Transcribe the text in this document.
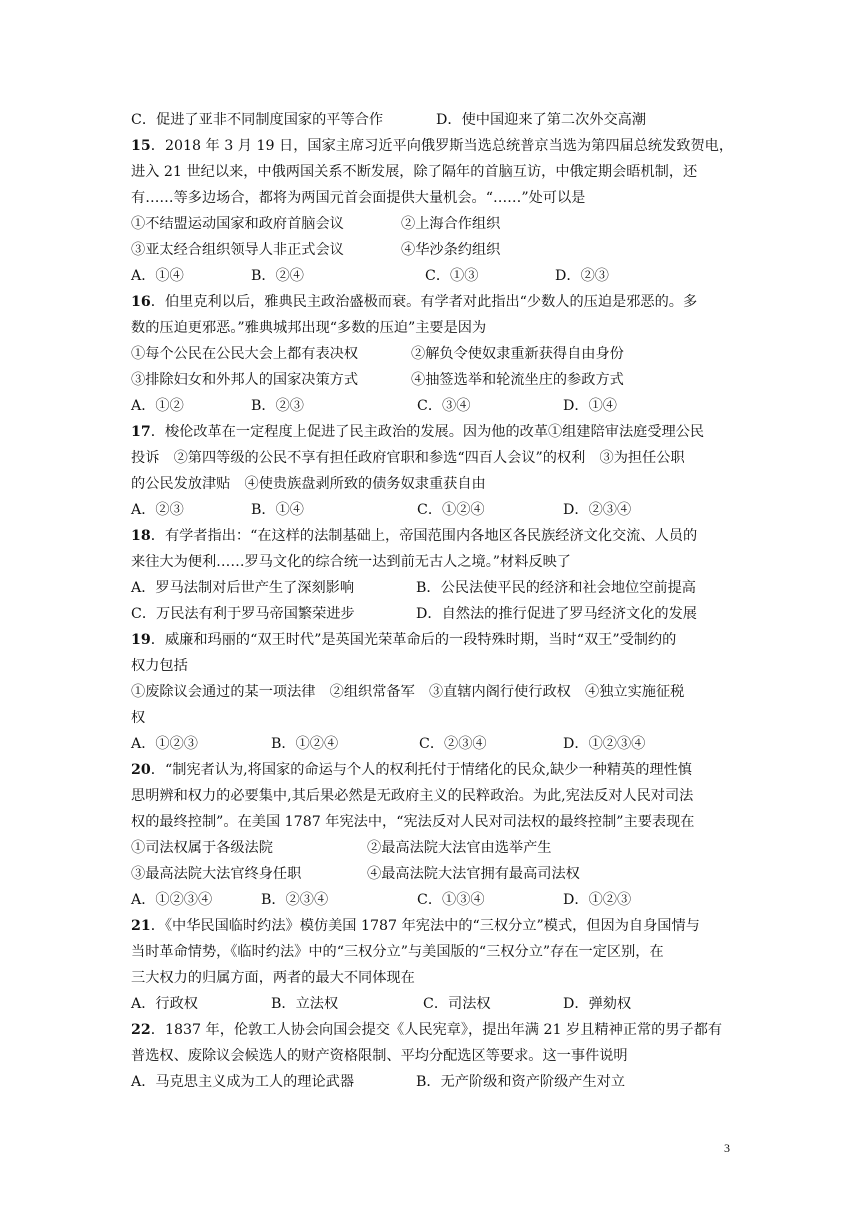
C．促进了亚非不同制度国家的平等合作	D．使中国迎来了第二次外交高潮
15．2018 年 3 月 19 日，国家主席习近平向俄罗斯当选总统普京当选为第四届总统发致贺电，
进入 21 世纪以来，中俄两国关系不断发展，除了隔年的首脑互访，中俄定期会晤机制，还
有……等多边场合，都将为两国元首会面提供大量机会。“……”处可以是
①不结盟运动国家和政府首脑会议	②上海合作组织
③亚太经合组织领导人非正式会议	④华沙条约组织
A．①④	B．②④	C．①③	D．②③
16．伯里克利以后，雅典民主政治盛极而衰。有学者对此指出“少数人的压迫是邪恶的。多
数的压迫更邪恶。”雅典城邦出现“多数的压迫”主要是因为
①每个公民在公民大会上都有表决权	②解负令使奴隶重新获得自由身份
③排除妇女和外邦人的国家决策方式	④抽签选举和轮流坐庄的参政方式
A．①②	B．②③	C．③④	D．①④
17．梭伦改革在一定程度上促进了民主政治的发展。因为他的改革①组建陪审法庭受理公民
投诉　②第四等级的公民不享有担任政府官职和参选“四百人会议”的权利　③为担任公职
的公民发放津贴　④使贵族盘剥所致的债务奴隶重获自由
A．②③	B．①④	C．①②④	D．②③④
18．有学者指出：“在这样的法制基础上，帝国范围内各地区各民族经济文化交流、人员的
来往大为便利……罗马文化的综合统一达到前无古人之境。”材料反映了
A．罗马法制对后世产生了深刻影响	B．公民法使平民的经济和社会地位空前提高
C．万民法有利于罗马帝国繁荣进步	D．自然法的推行促进了罗马经济文化的发展
19．威廉和玛丽的“双王时代”是英国光荣革命后的一段特殊时期，当时“双王”受制约的
权力包括
①废除议会通过的某一项法律　②组织常备军　③直辖内阁行使行政权　④独立实施征税
权
A．①②③	B．①②④	C．②③④	D．①②③④
20．“制宪者认为,将国家的命运与个人的权利托付于情绪化的民众,缺少一种精英的理性慎
思明辨和权力的必要集中,其后果必然是无政府主义的民粹政治。为此,宪法反对人民对司法
权的最终控制”。在美国 1787 年宪法中，“宪法反对人民对司法权的最终控制”主要表现在
①司法权属于各级法院	②最高法院大法官由选举产生
③最高法院大法官终身任职	④最高法院大法官拥有最高司法权
A．①②③④	B．②③④	C．①③④	D．①②③
21．《中华民国临时约法》模仿美国 1787 年宪法中的“三权分立”模式，但因为自身国情与
当时革命情势，《临时约法》中的“三权分立”与美国版的“三权分立”存在一定区别，在
三大权力的归属方面，两者的最大不同体现在
A．行政权	B．立法权	C．司法权	D．弹劾权
22．1837 年，伦敦工人协会向国会提交《人民宪章》，提出年满 21 岁且精神正常的男子都有
普选权、废除议会候选人的财产资格限制、平均分配选区等要求。这一事件说明
A．马克思主义成为工人的理论武器	B．无产阶级和资产阶级产生对立
3
